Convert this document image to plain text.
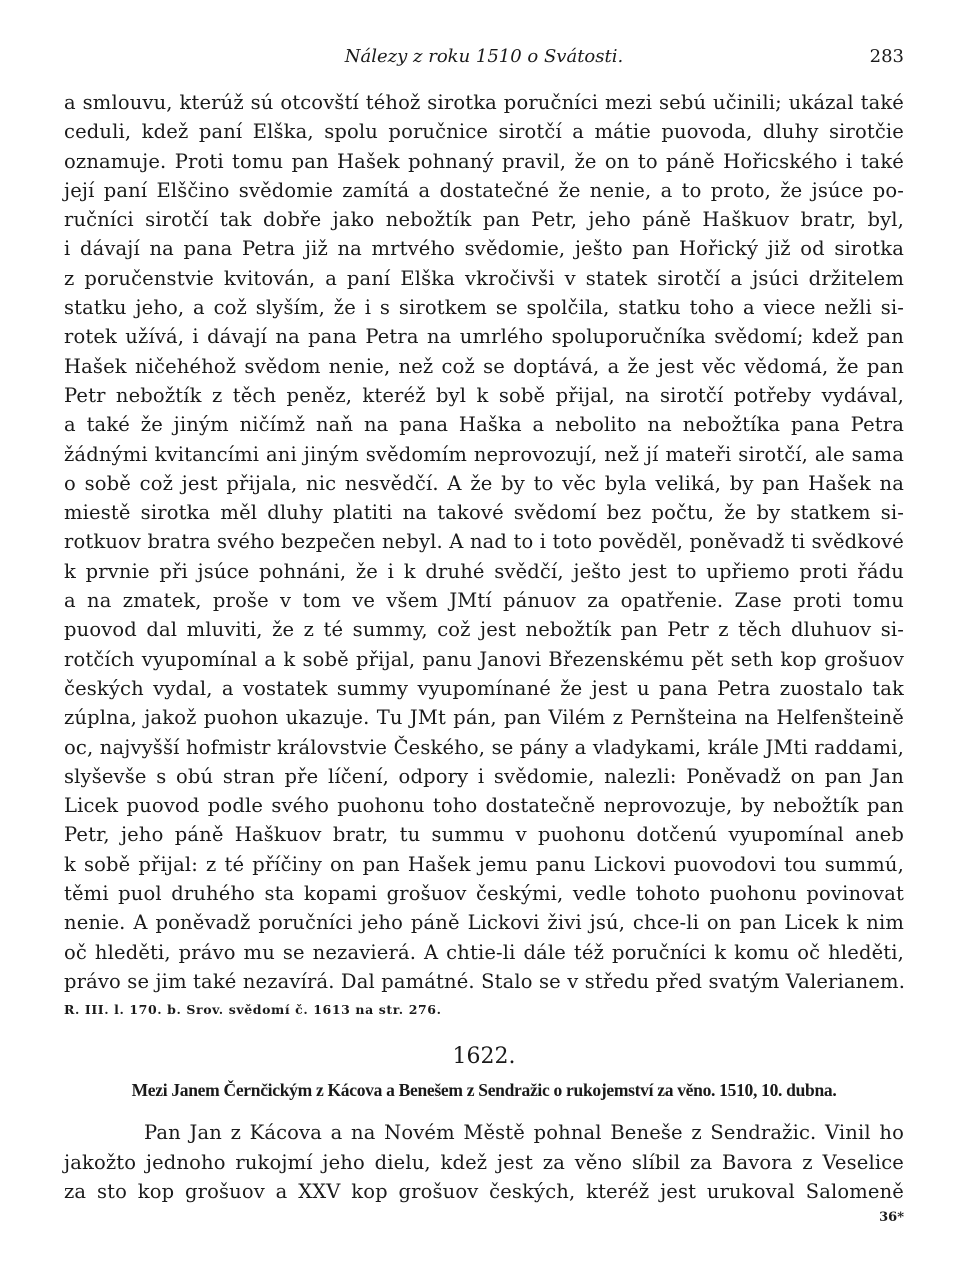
Nálezy z roku 1510 o Svátosti.	283
a smlouvu, kterúž sú otcovští téhož sirotka poručníci mezi sebú učinili; ukázal také
ceduli, kdež paní Elška, spolu poručnice sirotčí a mátie puovoda, dluhy sirotčie
oznamuje. Proti tomu pan Hašek pohnaný pravil, že on to páně Hořicského i také
její paní Elščino svědomie zamítá a dostatečné že nenie, a to proto, že jsúce po-
ručníci sirotčí tak dobře jako nebožtík pan Petr, jeho páně Haškuov bratr, byl,
i dávají na pana Petra již na mrtvého svědomie, ješto pan Hořický již od sirotka
z poručenstvie kvitován, a paní Elška vkročivši v statek sirotčí a jsúci držitelem
statku jeho, a což slyším, že i s sirotkem se spolčila, statku toho a viece nežli si-
rotek užívá, i dávají na pana Petra na umrlého spoluporučníka svědomí; kdež pan
Hašek ničehéhož svědom nenie, než což se doptává, a že jest věc vědomá, že pan
Petr nebožtík z těch peněz, kteréž byl k sobě přijal, na sirotčí potřeby vydával,
a také že jiným ničímž naň na pana Haška a nebolito na nebožtíka pana Petra
žádnými kvitancími ani jiným svědomím neprovozují, než jí mateři sirotčí, ale sama
o sobě což jest přijala, nic nesvědčí. A že by to věc byla veliká, by pan Hašek na
miestě sirotka měl dluhy platiti na takové svědomí bez počtu, že by statkem si-
rotkuov bratra svého bezpečen nebyl. A nad to i toto pověděl, poněvadž ti svědkové
k prvnie při jsúce pohnáni, že i k druhé svědčí, ješto jest to upřiemo proti řádu
a na zmatek, proše v tom ve všem JMtí pánuov za opatřenie. Zase proti tomu
puovod dal mluviti, že z té summy, což jest nebožtík pan Petr z těch dluhuov si-
rotčích vyupomínal a k sobě přijal, panu Janovi Březenskému pět seth kop grošuov
českých vydal, a vostatek summy vyupomínané že jest u pana Petra zuostalo tak
zúplna, jakož puohon ukazuje. Tu JMt pán, pan Vilém z Pernšteina na Helfenšteině
oc, najvyšší hofmistr královstvie Českého, se pány a vladykami, krále JMti raddami,
slyševše s obú stran pře líčení, odpory i svědomie, nalezli: Poněvadž on pan Jan
Licek puovod podle svého puohonu toho dostatečně neprovozuje, by nebožtík pan
Petr, jeho páně Haškuov bratr, tu summu v puohonu dotčenú vyupomínal aneb
k sobě přijal: z té příčiny on pan Hašek jemu panu Lickovi puovodovi tou summú,
těmi puol druhého sta kopami grošuov českými, vedle tohoto puohonu povinovat
nenie. A poněvadž poručníci jeho páně Lickovi živi jsú, chce-li on pan Licek k nim
oč hleděti, právo mu se nezavierá. A chtie-li dále též poručníci k komu oč hleděti,
právo se jim také nezavírá. Dal památné. Stalo se v středu před svatým Valerianem.
R. III. l. 170. b. Srov. svědomí č. 1613 na str. 276.
1622.
Mezi Janem Černčickým z Kácova a Benešem z Sendražic o rukojemství za věno. 1510, 10. dubna.
Pan Jan z Kácova a na Novém Městě pohnal Beneše z Sendražic. Vinil ho
jakožto jednoho rukojmí jeho dielu, kdež jest za věno slíbil za Bavora z Veselice
za sto kop grošuov a XXV kop grošuov českých, kteréž jest urukoval Salomeně
36*
